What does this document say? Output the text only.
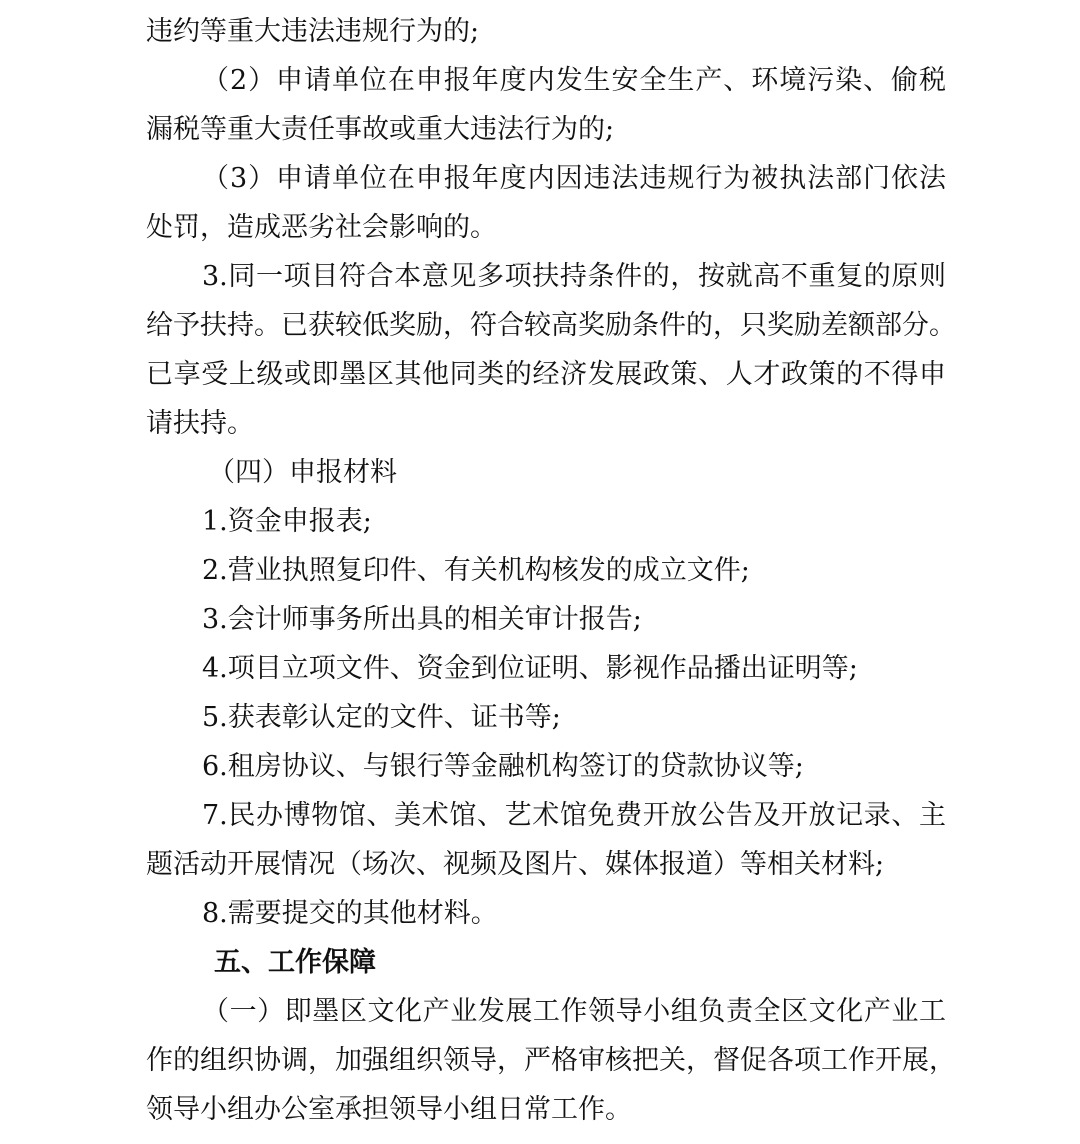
违约等重大违法违规行为的;
（2）申请单位在申报年度内发生安全生产、环境污染、偷税
漏税等重大责任事故或重大违法行为的;
（3）申请单位在申报年度内因违法违规行为被执法部门依法
处罚，造成恶劣社会影响的。
3.同一项目符合本意见多项扶持条件的，按就高不重复的原则
给予扶持。已获较低奖励，符合较高奖励条件的，只奖励差额部分。
已享受上级或即墨区其他同类的经济发展政策、人才政策的不得申
请扶持。
（四）申报材料
1.资金申报表;
2.营业执照复印件、有关机构核发的成立文件;
3.会计师事务所出具的相关审计报告;
4.项目立项文件、资金到位证明、影视作品播出证明等;
5.获表彰认定的文件、证书等;
6.租房协议、与银行等金融机构签订的贷款协议等;
7.民办博物馆、美术馆、艺术馆免费开放公告及开放记录、主
题活动开展情况（场次、视频及图片、媒体报道）等相关材料;
8.需要提交的其他材料。
五、工作保障
（一）即墨区文化产业发展工作领导小组负责全区文化产业工
作的组织协调，加强组织领导，严格审核把关，督促各项工作开展，
领导小组办公室承担领导小组日常工作。
